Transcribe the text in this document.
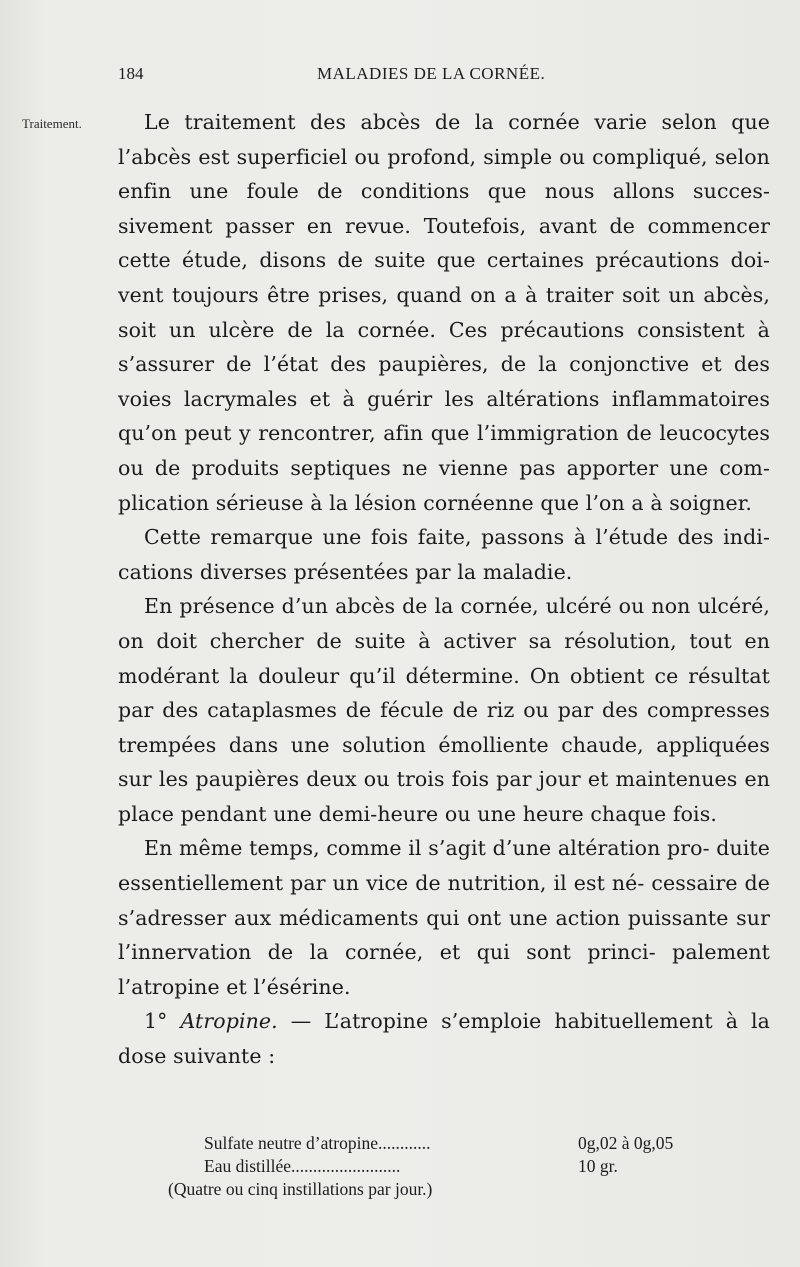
184	MALADIES DE LA CORNÉE.
Traitement.	Le traitement des abcès de la cornée varie selon que l’abcès est superficiel ou profond, simple ou compliqué, selon enfin une foule de conditions que nous allons succes- sivement passer en revue. Toutefois, avant de commencer cette étude, disons de suite que certaines précautions doi- vent toujours être prises, quand on a à traiter soit un abcès, soit un ulcère de la cornée. Ces précautions consistent à s’assurer de l’état des paupières, de la conjonctive et des voies lacrymales et à guérir les altérations inflammatoires qu’on peut y rencontrer, afin que l’immigration de leucocytes ou de produits septiques ne vienne pas apporter une com- plication sérieuse à la lésion cornéenne que l’on a à soigner.

Cette remarque une fois faite, passons à l’étude des indi- cations diverses présentées par la maladie.

En présence d’un abcès de la cornée, ulcéré ou non ulcéré, on doit chercher de suite à activer sa résolution, tout en modérant la douleur qu’il détermine. On obtient ce résultat par des cataplasmes de fécule de riz ou par des compresses trempées dans une solution émolliente chaude, appliquées sur les paupières deux ou trois fois par jour et maintenues en place pendant une demi-heure ou une heure chaque fois.

En même temps, comme il s’agit d’une altération pro- duite essentiellement par un vice de nutrition, il est né- cessaire de s’adresser aux médicaments qui ont une action puissante sur l’innervation de la cornée, et qui sont princi- palement l’atropine et l’ésérine.

1° Atropine. — L’atropine s’emploie habituellement à la dose suivante :

Sulfate neutre d’atropine............	0g,02 à 0g,05
Eau distillée.........................	10 gr.
(Quatre ou cinq instillations par jour.)
